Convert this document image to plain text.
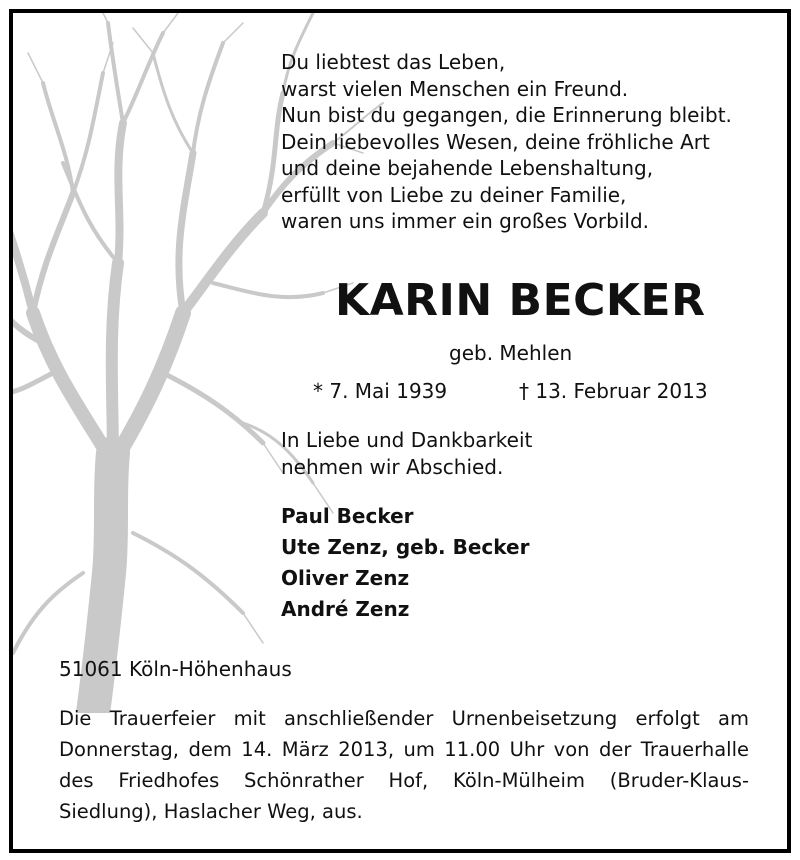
Du liebtest das Leben,
warst vielen Menschen ein Freund.
Nun bist du gegangen, die Erinnerung bleibt.
Dein liebevolles Wesen, deine fröhliche Art
und deine bejahende Lebenshaltung,
erfüllt von Liebe zu deiner Familie,
waren uns immer ein großes Vorbild.
KARIN BECKER
geb. Mehlen
* 7. Mai 1939	† 13. Februar 2013
In Liebe und Dankbarkeit
nehmen wir Abschied.
Paul Becker
Ute Zenz, geb. Becker
Oliver Zenz
André Zenz
51061 Köln-Höhenhaus
Die Trauerfeier mit anschließender Urnenbeisetzung erfolgt am Donnerstag, dem 14. März 2013, um 11.00 Uhr von der Trauerhalle des Friedhofes Schönrather Hof, Köln-Mülheim (Bruder-Klaus-Siedlung), Haslacher Weg, aus.
